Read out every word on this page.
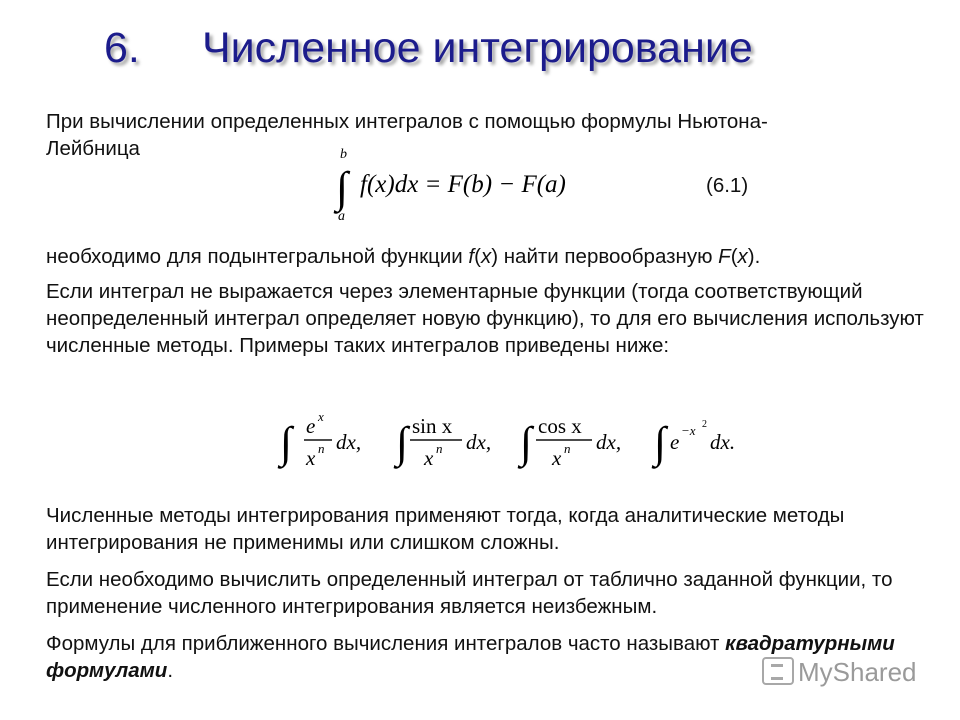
6. Численное интегрирование

При вычислении определенных интегралов с помощью формулы Ньютона-
Лейбница	b
a
∫ f(x)dx = F(b) − F(a)	(6.1)

необходимо для подынтегральной функции f(x) найти первообразную F(x).

Если интеграл не выражается через элементарные функции (тогда соответствующий неопределенный интеграл определяет новую функцию), то для его вычисления используют численные методы. Примеры таких интегралов приведены ниже:

∫ e x
x n dx, ∫ sin x
x n dx, ∫ cos x
x n dx, ∫ e −x 2
dx.

Численные методы интегрирования применяют тогда, когда аналитические методы интегрирования не применимы или слишком сложны.

Если необходимо вычислить определенный интеграл от таблично заданной функции, то применение численного интегрирования является неизбежным.

Формулы для приближенного вычисления интегралов часто называют квадратурными формулами.	MyShared
